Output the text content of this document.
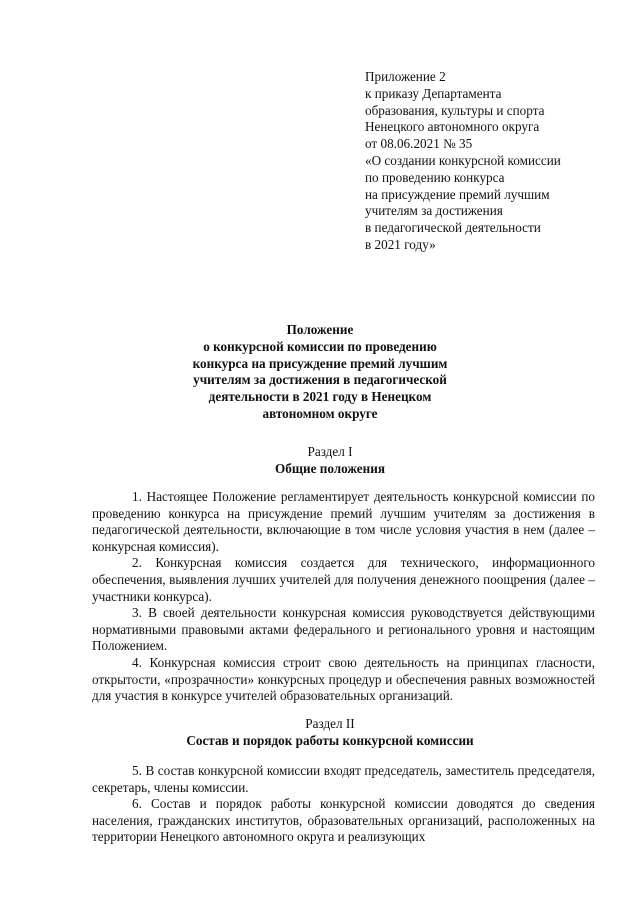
Приложение 2
к приказу Департамента
образования, культуры и спорта
Ненецкого автономного округа
от 08.06.2021 № 35
«О создании конкурсной комиссии
по проведению конкурса
на присуждение премий лучшим
учителям за достижения
в педагогической деятельности
в 2021 году»
Положение
о конкурсной комиссии по проведению
конкурса на присуждение премий лучшим
учителям за достижения в педагогической
деятельности в 2021 году в Ненецком
автономном округе
Раздел I
Общие положения

1. Настоящее Положение регламентирует деятельность конкурсной комиссии по проведению конкурса на присуждение премий лучшим учителям за достижения в педагогической деятельности, включающие в том числе условия участия в нем (далее – конкурсная комиссия).

2. Конкурсная комиссия создается для технического, информационного обеспечения, выявления лучших учителей для получения денежного поощрения (далее – участники конкурса).

3. В своей деятельности конкурсная комиссия руководствуется действующими нормативными правовыми актами федерального и регионального уровня и настоящим Положением.

4. Конкурсная комиссия строит свою деятельность на принципах гласности, открытости, «прозрачности» конкурсных процедур и обеспечения равных возможностей для участия в конкурсе учителей образовательных организаций.

Раздел II
Состав и порядок работы конкурсной комиссии

5. В состав конкурсной комиссии входят председатель, заместитель председателя, секретарь, члены комиссии.

6. Состав и порядок работы конкурсной комиссии доводятся до сведения населения, гражданских институтов, образовательных организаций, расположенных на территории Ненецкого автономного округа и реализующих
